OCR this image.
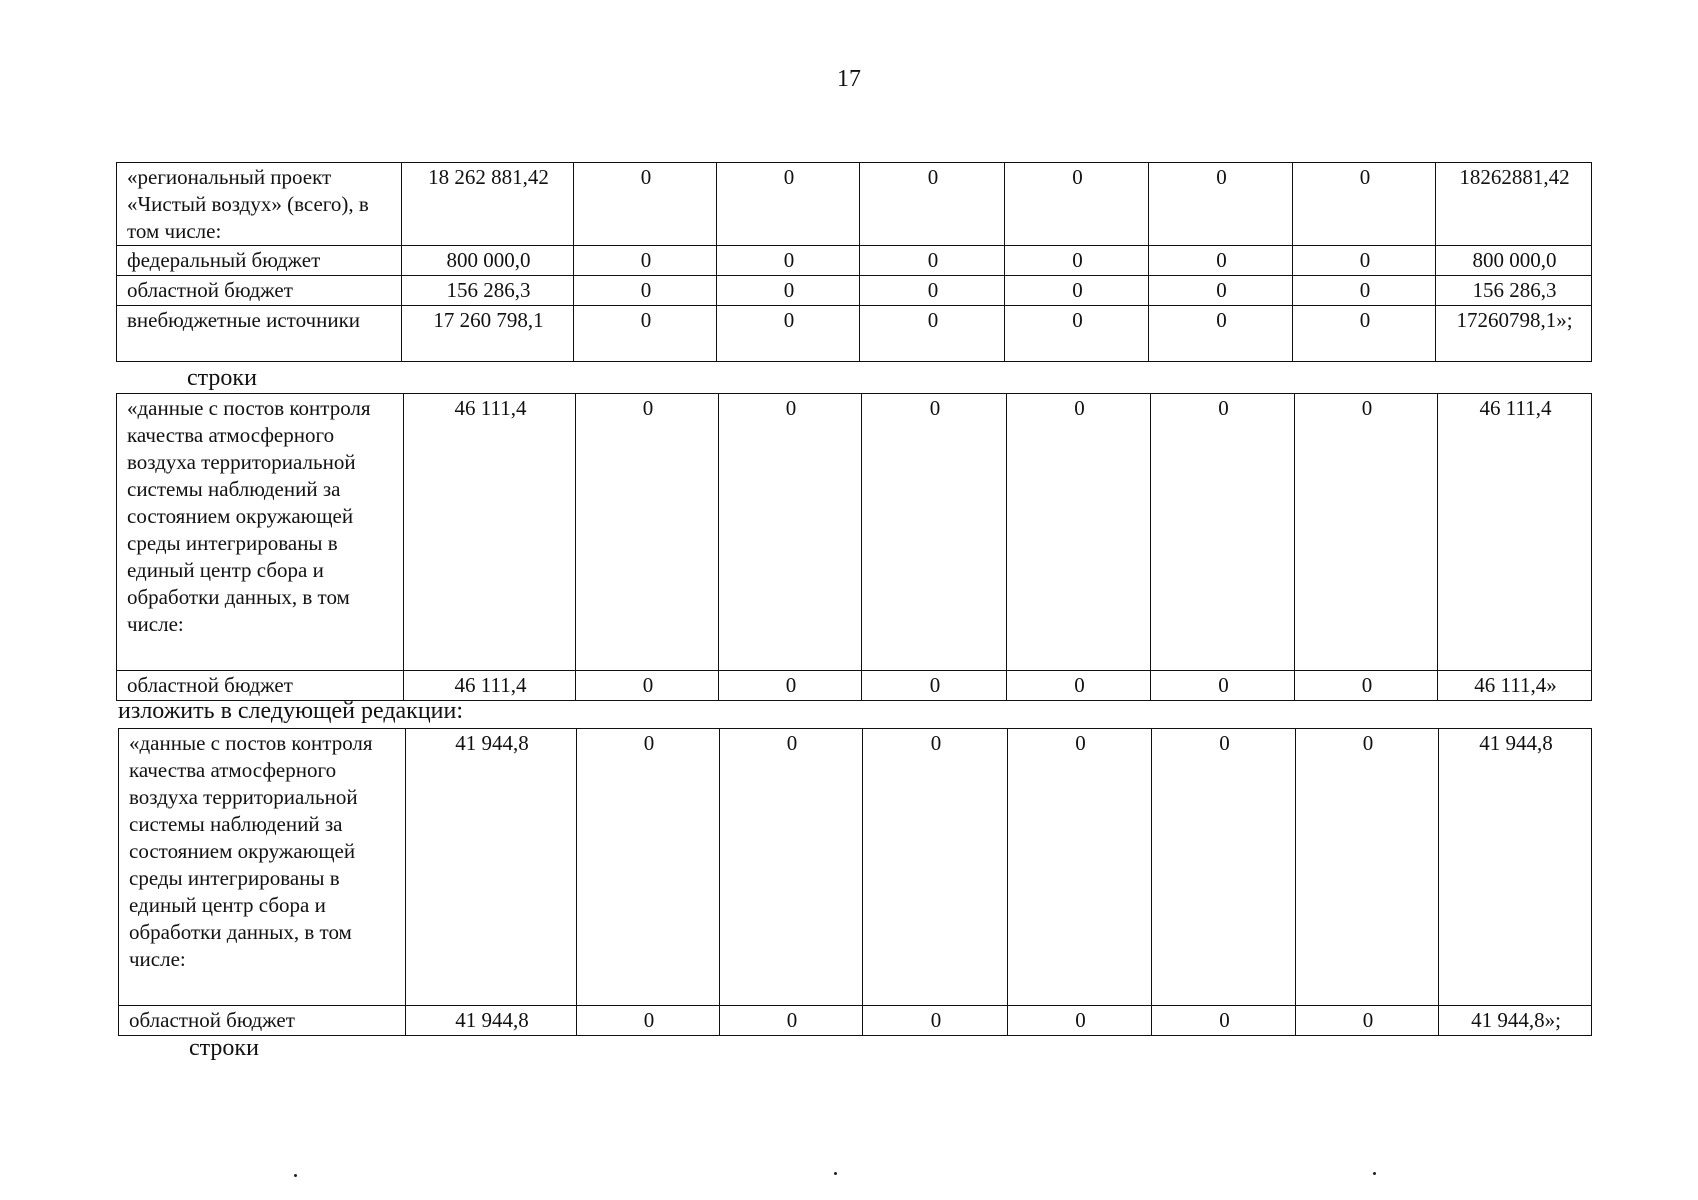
17
«региональный проект «Чистый воздух» (всего), в том числе:	18 262 881,42	0	0	0	0	0	0	18262881,42
федеральный бюджет	800 000,0	0	0	0	0	0	0	800 000,0
областной бюджет	156 286,3	0	0	0	0	0	0	156 286,3
внебюджетные источники	17 260 798,1	0	0	0	0	0	0	17260798,1»;
строки
«данные с постов контроля качества атмосферного воздуха территориальной системы наблюдений за состоянием окружающей среды интегрированы в единый центр сбора и обработки данных, в том числе:	46 111,4	0	0	0	0	0	0	46 111,4
областной бюджет	46 111,4	0	0	0	0	0	0	46 111,4»
изложить в следующей редакции:
«данные с постов контроля качества атмосферного воздуха территориальной системы наблюдений за состоянием окружающей среды интегрированы в единый центр сбора и обработки данных, в том числе:	41 944,8	0	0	0	0	0	0	41 944,8
областной бюджет	41 944,8	0	0	0	0	0	0	41 944,8»;
строки
